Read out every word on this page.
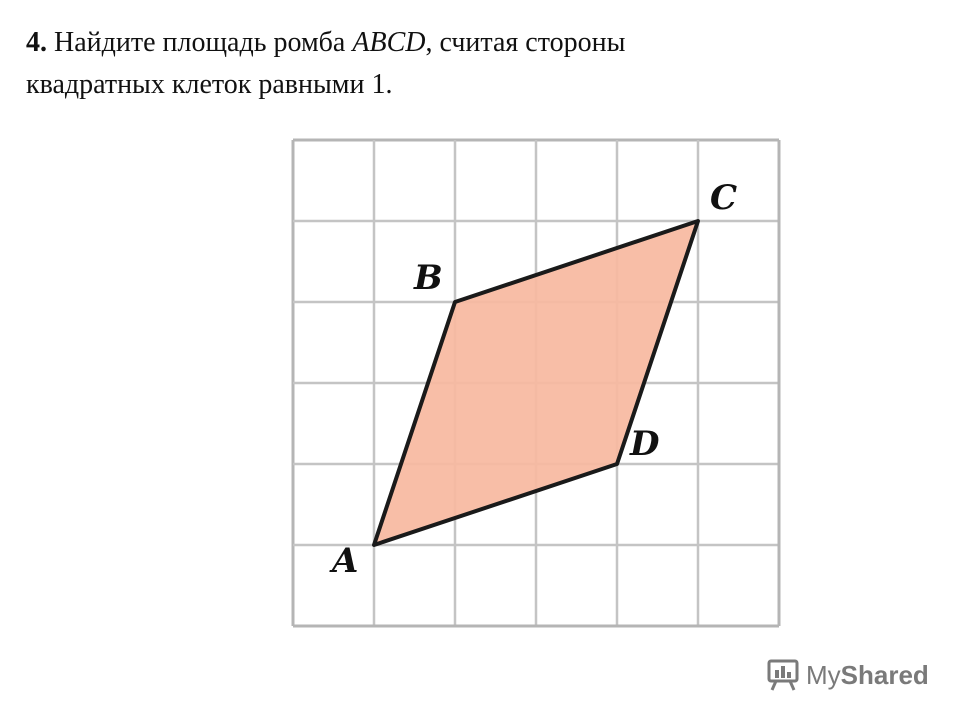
4. Найдите площадь ромба ABCD, считая стороны
квадратных клеток равными 1.
A
B
C
D
My Shared
